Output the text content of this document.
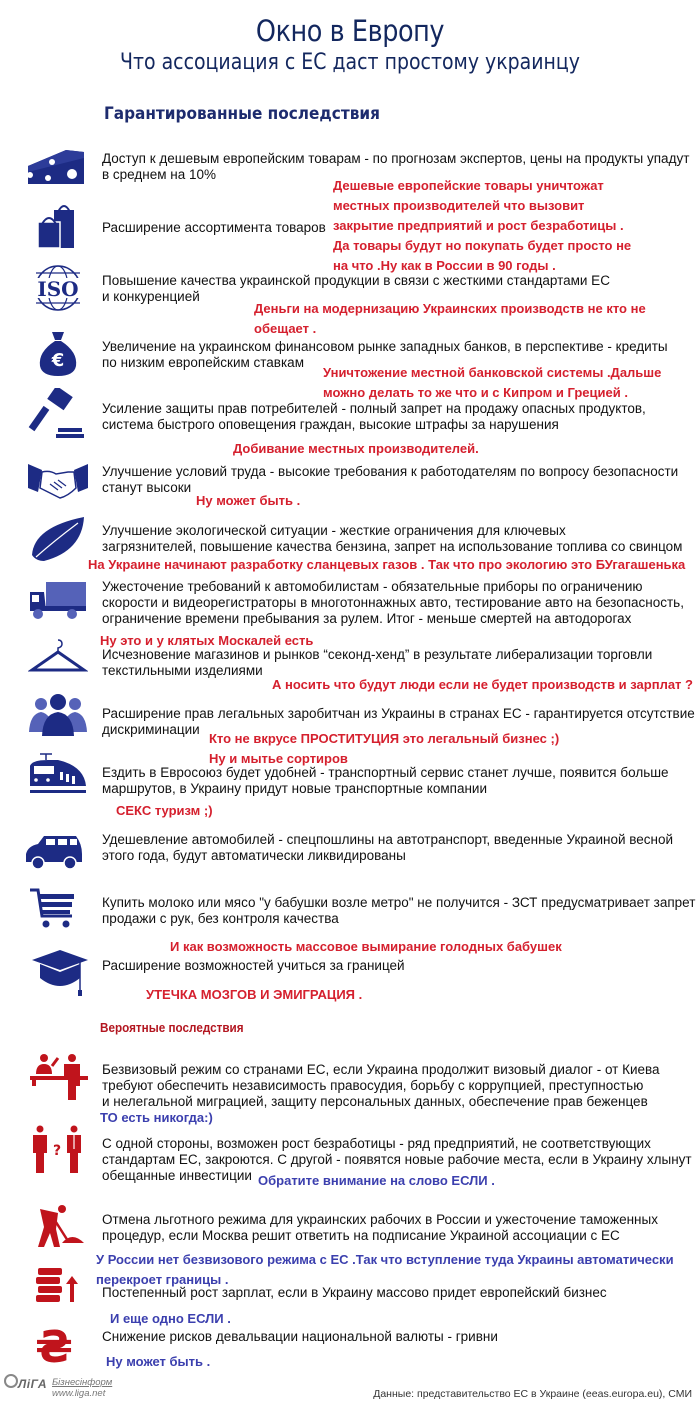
Окно в Европу
Что ассоциация с ЕС даст простому украинцу
Гарантированные последствия
Доступ к дешевым европейским товарам - по прогнозам экспертов, цены на продукты упадут
в среднем на 10%
Расширение ассортимента товаров
Дешевые европейские товары уничтожат
местных производителей что вызовит
закрытие предприятий и рост безработицы .
Да товары будут но покупать будет просто не
на что .Ну как в России в 90 годы .
ISO Повышение качества украинской продукции в связи с жесткими стандартами ЕС
и конкуренцией
Деньги на модернизацию Украинских производств не кто не
обещает .
€
Увеличение на украинском финансовом рынке западных банков, в перспективе - кредиты
по низким европейским ставкам
Уничтожение местной банковской системы .Дальше
можно делать то же что и с Кипром и Грецией .
Усиление защиты прав потребителей - полный запрет на продажу опасных продуктов,
система быстрого оповещения граждан, высокие штрафы за нарушения
Добивание местных производителей.
Улучшение условий труда - высокие требования к работодателям по вопросу безопасности
станут высоки
Ну может быть .
Улучшение экологической ситуации - жесткие ограничения для ключевых
загрязнителей, повышение качества бензина, запрет на использование топлива со свинцом
На Украине начинают разработку сланцевых газов . Так что про экологию это БУгагашенька
Ужесточение требований к автомобилистам - обязательные приборы по ограничению
скорости и видеорегистраторы в многотоннажных авто, тестирование авто на безопасность,
ограничение времени пребывания за рулем. Итог - меньше смертей на автодорогах
Ну это и у клятых Москалей есть
Исчезновение магазинов и рынков “секонд-хенд” в результате либерализации торговли
текстильными изделиями
А носить что будут люди если не будет производств и зарплат ?
Расширение прав легальных заробитчан из Украины в странах ЕС - гарантируется отсутствие
дискриминации
Кто не вкрусе ПРОСТИТУЦИЯ это легальный бизнес ;)
Ну и мытье сортиров
Ездить в Евросоюз будет удобней - транспортный сервис станет лучше, появится больше
маршрутов, в Украину придут новые транспортные компании
СЕКС туризм ;)
Удешевление автомобилей - спецпошлины на автотранспорт, введенные Украиной весной
этого года, будут автоматически ликвидированы
Купить молоко или мясо "у бабушки возле метро" не получится - ЗСТ предусматривает запрет
продажи с рук, без контроля качества
И как возможность массовое вымирание голодных бабушек
Расширение возможностей учиться за границей
УТЕЧКА МОЗГОВ И ЭМИГРАЦИЯ .
Вероятные последствия
Безвизовый режим со странами ЕС, если Украина продолжит визовый диалог - от Киева
требуют обеспечить независимость правосудия, борьбу с коррупцией, преступностью
и нелегальной миграцией, защиту персональных данных, обеспечение прав беженцев
ТО есть никогда:)
?	С одной стороны, возможен рост безработицы - ряд предприятий, не соответствующих
стандартам ЕС, закроются. С другой - появятся новые рабочие места, если в Украину хлынут
обещанные инвестиции Обратите внимание на слово ЕСЛИ .
Отмена льготного режима для украинских рабочих в России и ужесточение таможенных
процедур, если Москва решит ответить на подписание Украиной ассоциации с ЕС
У России нет безвизового режима с ЕС .Так что вступление туда Украины автоматически
перекроет границы .
Постепенный рост зарплат, если в Украину массово придет европейский бизнес
И еще одно ЕСЛИ .
₴ Снижение рисков девальвации национальной валюты - гривни
Ну может быть .
ЛіГА Бізнесінформ
www.liga.net	Данные: представительство ЕС в Украине (eeas.europa.eu), СМИ
